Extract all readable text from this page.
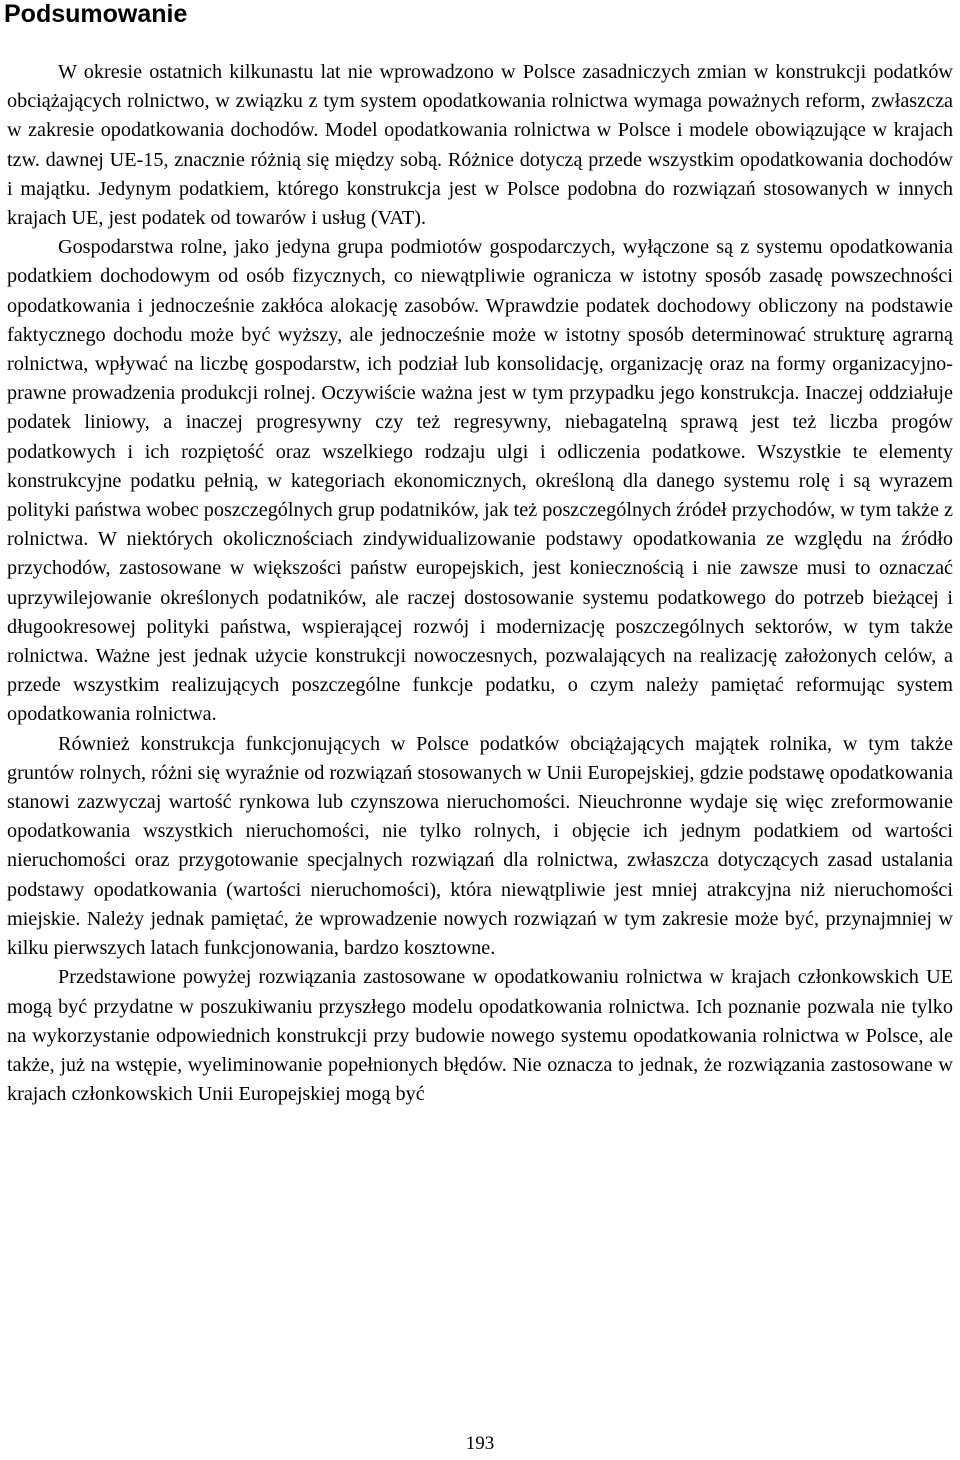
Podsumowanie

W okresie ostatnich kilkunastu lat nie wprowadzono w Polsce zasadniczych zmian w konstrukcji podatków obciążających rolnictwo, w związku z tym system opodatkowania rolnictwa wymaga poważnych reform, zwłaszcza w zakresie opodatkowania dochodów. Model opodatkowania rolnictwa w Polsce i modele obowiązujące w krajach tzw. dawnej UE-15, znacznie różnią się między sobą. Różnice dotyczą przede wszystkim opodatkowania dochodów i majątku. Jedynym podatkiem, którego konstrukcja jest w Polsce podobna do rozwiązań stosowanych w innych krajach UE, jest podatek od towarów i usług (VAT).

Gospodarstwa rolne, jako jedyna grupa podmiotów gospodarczych, wyłączone są z systemu opodatkowania podatkiem dochodowym od osób fizycznych, co niewątpliwie ogranicza w istotny sposób zasadę powszechności opodatkowania i jednocześnie zakłóca alokację zasobów. Wprawdzie podatek dochodowy obliczony na podstawie faktycznego dochodu może być wyższy, ale jednocześnie może w istotny sposób determinować strukturę agrarną rolnictwa, wpływać na liczbę gospodarstw, ich podział lub konsolidację, organizację oraz na formy organizacyjno-prawne prowadzenia produkcji rolnej. Oczywiście ważna jest w tym przypadku jego konstrukcja. Inaczej oddziałuje podatek liniowy, a inaczej progresywny czy też regresywny, niebagatelną sprawą jest też liczba progów podatkowych i ich rozpiętość oraz wszelkiego rodzaju ulgi i odliczenia podatkowe. Wszystkie te elementy konstrukcyjne podatku pełnią, w kategoriach ekonomicznych, określoną dla danego systemu rolę i są wyrazem polityki państwa wobec poszczególnych grup podatników, jak też poszczególnych źródeł przychodów, w tym także z rolnictwa. W niektórych okolicznościach zindywidualizowanie podstawy opodatkowania ze względu na źródło przychodów, zastosowane w większości państw europejskich, jest koniecznością i nie zawsze musi to oznaczać uprzywilejowanie określonych podatników, ale raczej dostosowanie systemu podatkowego do potrzeb bieżącej i długookresowej polityki państwa, wspierającej rozwój i modernizację poszczególnych sektorów, w tym także rolnictwa. Ważne jest jednak użycie konstrukcji nowoczesnych, pozwalających na realizację założonych celów, a przede wszystkim realizujących poszczególne funkcje podatku, o czym należy pamiętać reformując system opodatkowania rolnictwa.

Również konstrukcja funkcjonujących w Polsce podatków obciążających majątek rolnika, w tym także gruntów rolnych, różni się wyraźnie od rozwiązań stosowanych w Unii Europejskiej, gdzie podstawę opodatkowania stanowi zazwyczaj wartość rynkowa lub czynszowa nieruchomości. Nieuchronne wydaje się więc zreformowanie opodatkowania wszystkich nieruchomości, nie tylko rolnych, i objęcie ich jednym podatkiem od wartości nieruchomości oraz przygotowanie specjalnych rozwiązań dla rolnictwa, zwłaszcza dotyczących zasad ustalania podstawy opodatkowania (wartości nieruchomości), która niewątpliwie jest mniej atrakcyjna niż nieruchomości miejskie. Należy jednak pamiętać, że wprowadzenie nowych rozwiązań w tym zakresie może być, przynajmniej w kilku pierwszych latach funkcjonowania, bardzo kosztowne.

Przedstawione powyżej rozwiązania zastosowane w opodatkowaniu rolnictwa w krajach członkowskich UE mogą być przydatne w poszukiwaniu przyszłego modelu opodatkowania rolnictwa. Ich poznanie pozwala nie tylko na wykorzystanie odpowiednich konstrukcji przy budowie nowego systemu opodatkowania rolnictwa w Polsce, ale także, już na wstępie, wyeliminowanie popełnionych błędów. Nie oznacza to jednak, że rozwiązania zastosowane w krajach członkowskich Unii Europejskiej mogą być

193
